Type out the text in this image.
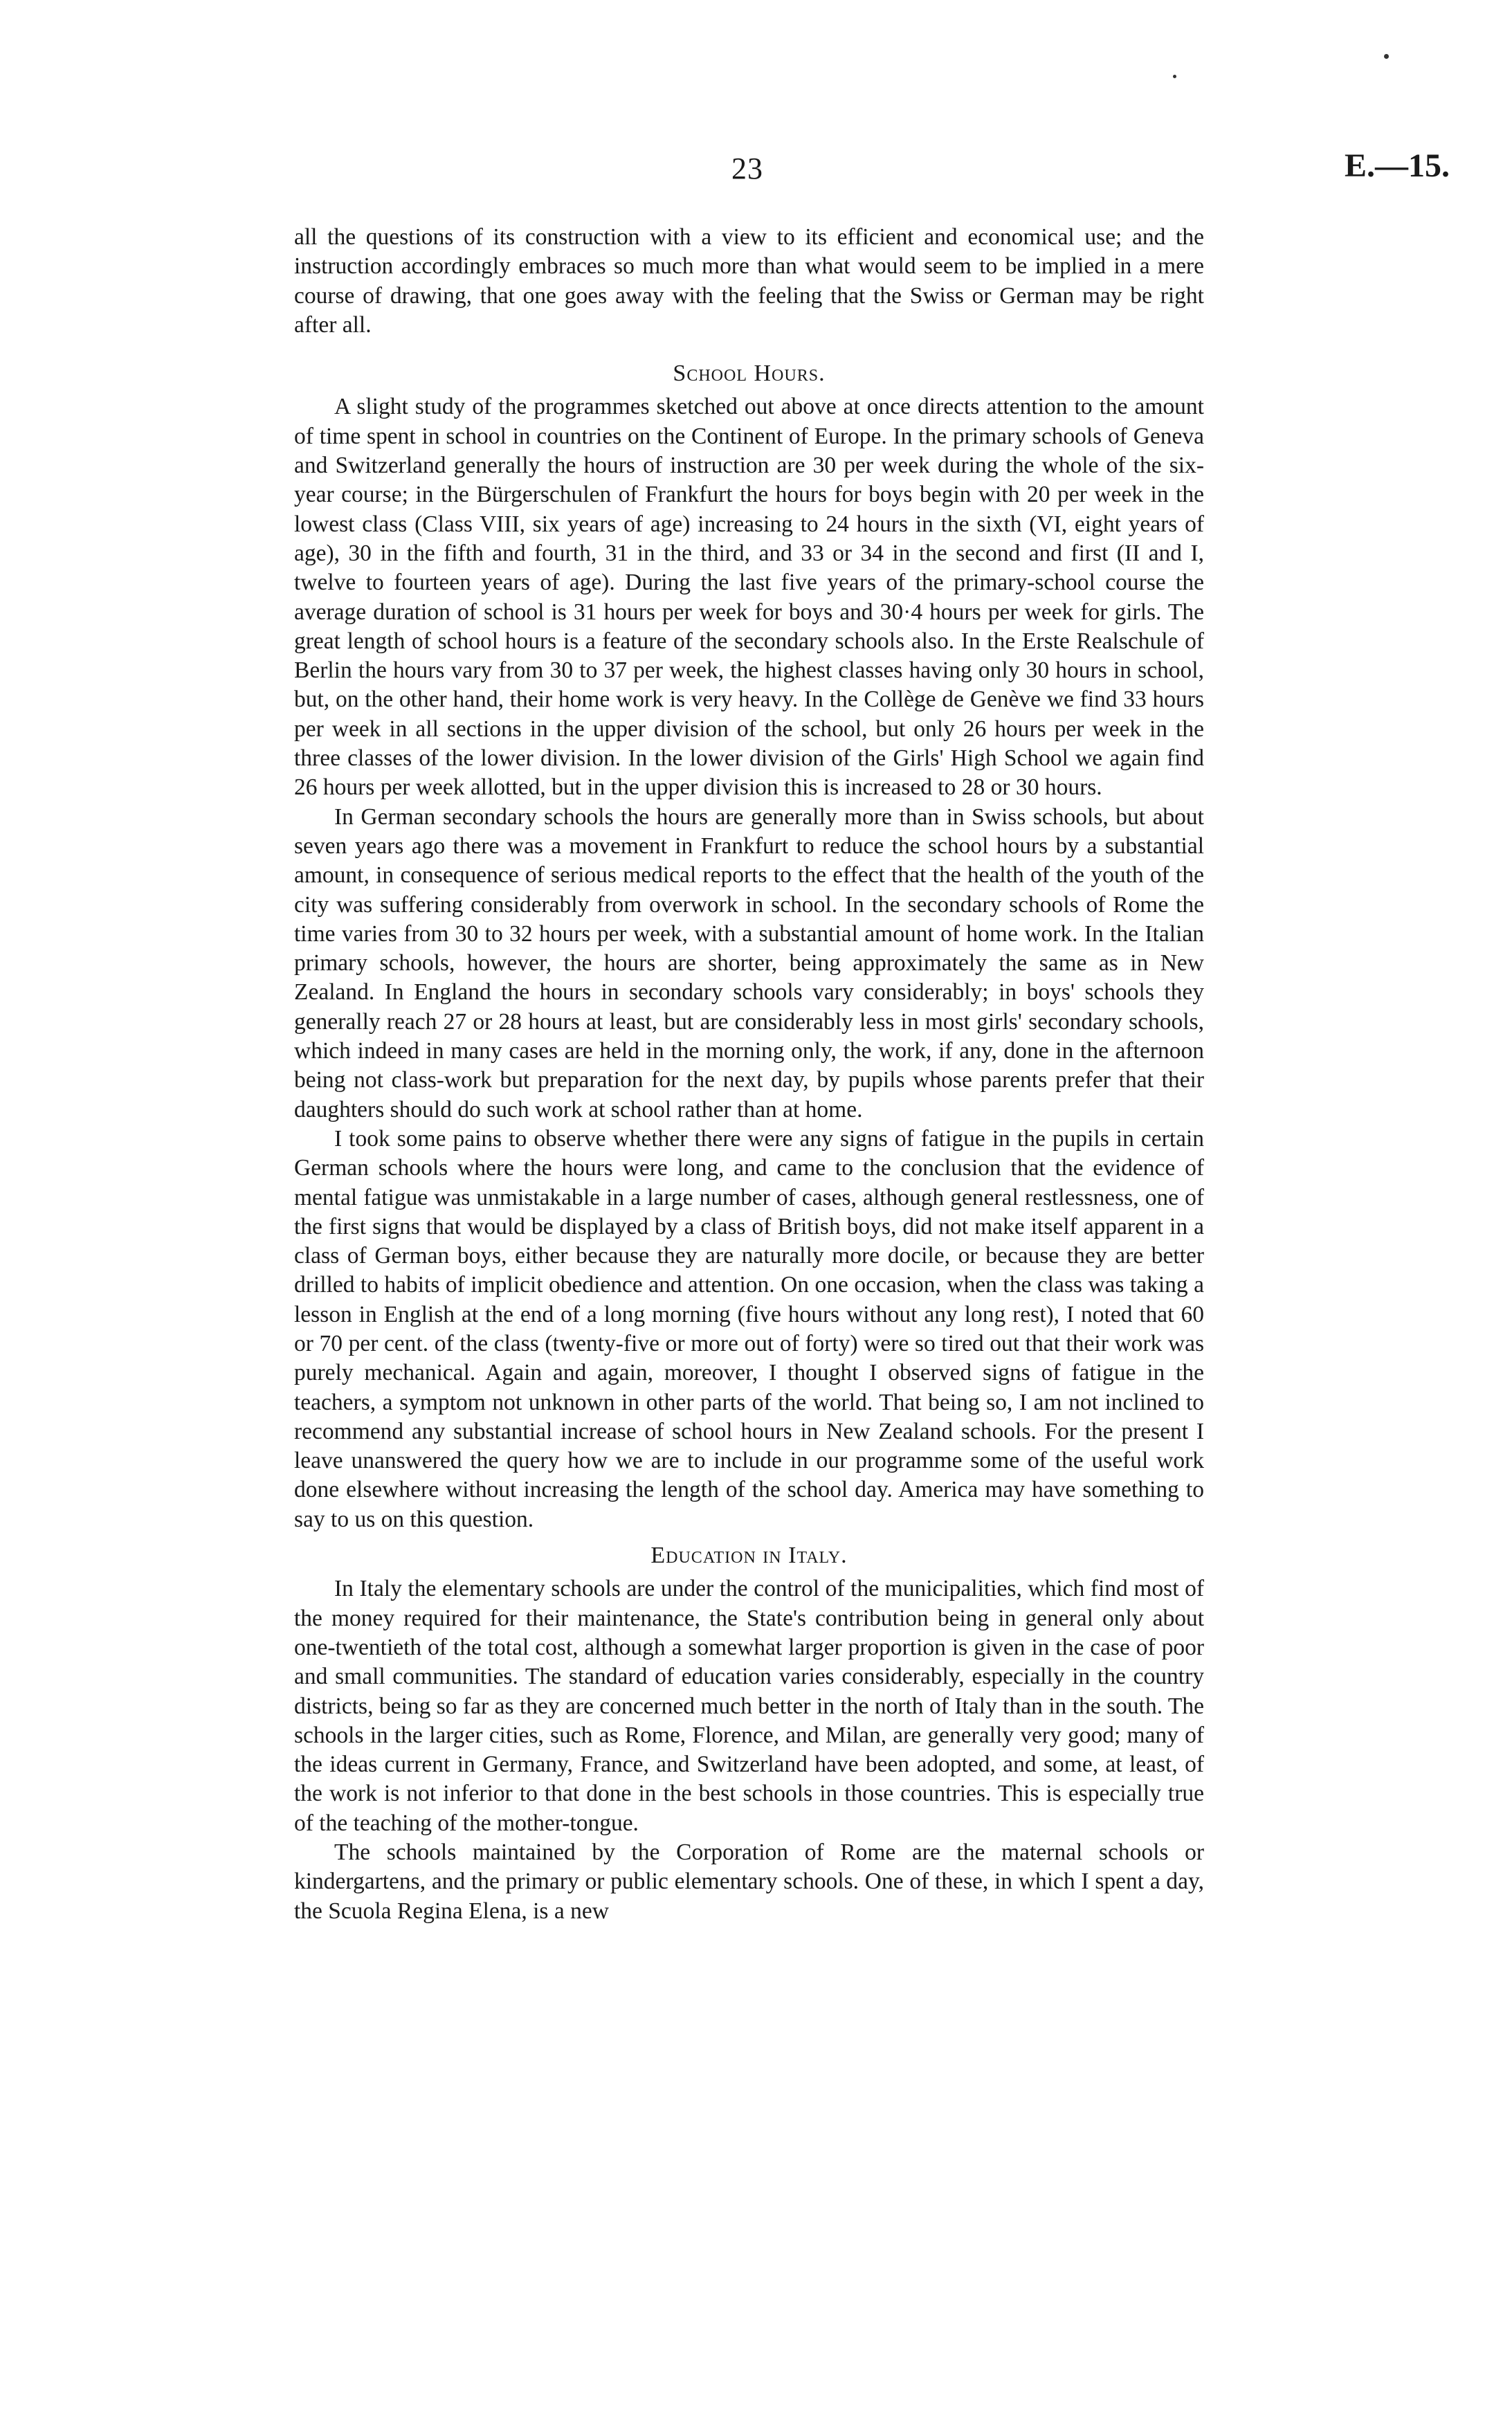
23	E.—15.

all the questions of its construction with a view to its efficient and economical use; and the instruction accordingly embraces so much more than what would seem to be implied in a mere course of drawing, that one goes away with the feeling that the Swiss or German may be right after all.

School Hours.

A slight study of the programmes sketched out above at once directs attention to the amount of time spent in school in countries on the Continent of Europe. In the primary schools of Geneva and Switzerland generally the hours of instruction are 30 per week during the whole of the six-year course; in the Bürgerschulen of Frankfurt the hours for boys begin with 20 per week in the lowest class (Class VIII, six years of age) increasing to 24 hours in the sixth (VI, eight years of age), 30 in the fifth and fourth, 31 in the third, and 33 or 34 in the second and first (II and I, twelve to fourteen years of age). During the last five years of the primary-school course the average duration of school is 31 hours per week for boys and 30·4 hours per week for girls. The great length of school hours is a feature of the secondary schools also. In the Erste Realschule of Berlin the hours vary from 30 to 37 per week, the highest classes having only 30 hours in school, but, on the other hand, their home work is very heavy. In the Collège de Genève we find 33 hours per week in all sections in the upper division of the school, but only 26 hours per week in the three classes of the lower division. In the lower division of the Girls' High School we again find 26 hours per week allotted, but in the upper division this is increased to 28 or 30 hours.

In German secondary schools the hours are generally more than in Swiss schools, but about seven years ago there was a movement in Frankfurt to reduce the school hours by a substantial amount, in consequence of serious medical reports to the effect that the health of the youth of the city was suffering considerably from overwork in school. In the secondary schools of Rome the time varies from 30 to 32 hours per week, with a substantial amount of home work. In the Italian primary schools, however, the hours are shorter, being approximately the same as in New Zealand. In England the hours in secondary schools vary considerably; in boys' schools they generally reach 27 or 28 hours at least, but are considerably less in most girls' secondary schools, which indeed in many cases are held in the morning only, the work, if any, done in the afternoon being not class-work but preparation for the next day, by pupils whose parents prefer that their daughters should do such work at school rather than at home.

I took some pains to observe whether there were any signs of fatigue in the pupils in certain German schools where the hours were long, and came to the conclusion that the evidence of mental fatigue was unmistakable in a large number of cases, although general restlessness, one of the first signs that would be displayed by a class of British boys, did not make itself apparent in a class of German boys, either because they are naturally more docile, or because they are better drilled to habits of implicit obedience and attention. On one occasion, when the class was taking a lesson in English at the end of a long morning (five hours without any long rest), I noted that 60 or 70 per cent. of the class (twenty-five or more out of forty) were so tired out that their work was purely mechanical. Again and again, moreover, I thought I observed signs of fatigue in the teachers, a symptom not unknown in other parts of the world. That being so, I am not inclined to recommend any substantial increase of school hours in New Zealand schools. For the present I leave unanswered the query how we are to include in our programme some of the useful work done elsewhere without increasing the length of the school day. America may have something to say to us on this question.

Education in Italy.

In Italy the elementary schools are under the control of the municipalities, which find most of the money required for their maintenance, the State's contribution being in general only about one-twentieth of the total cost, although a somewhat larger proportion is given in the case of poor and small communities. The standard of education varies considerably, especially in the country districts, being so far as they are concerned much better in the north of Italy than in the south. The schools in the larger cities, such as Rome, Florence, and Milan, are generally very good; many of the ideas current in Germany, France, and Switzerland have been adopted, and some, at least, of the work is not inferior to that done in the best schools in those countries. This is especially true of the teaching of the mother-tongue.

The schools maintained by the Corporation of Rome are the maternal schools or kindergartens, and the primary or public elementary schools. One of these, in which I spent a day, the Scuola Regina Elena, is a new
